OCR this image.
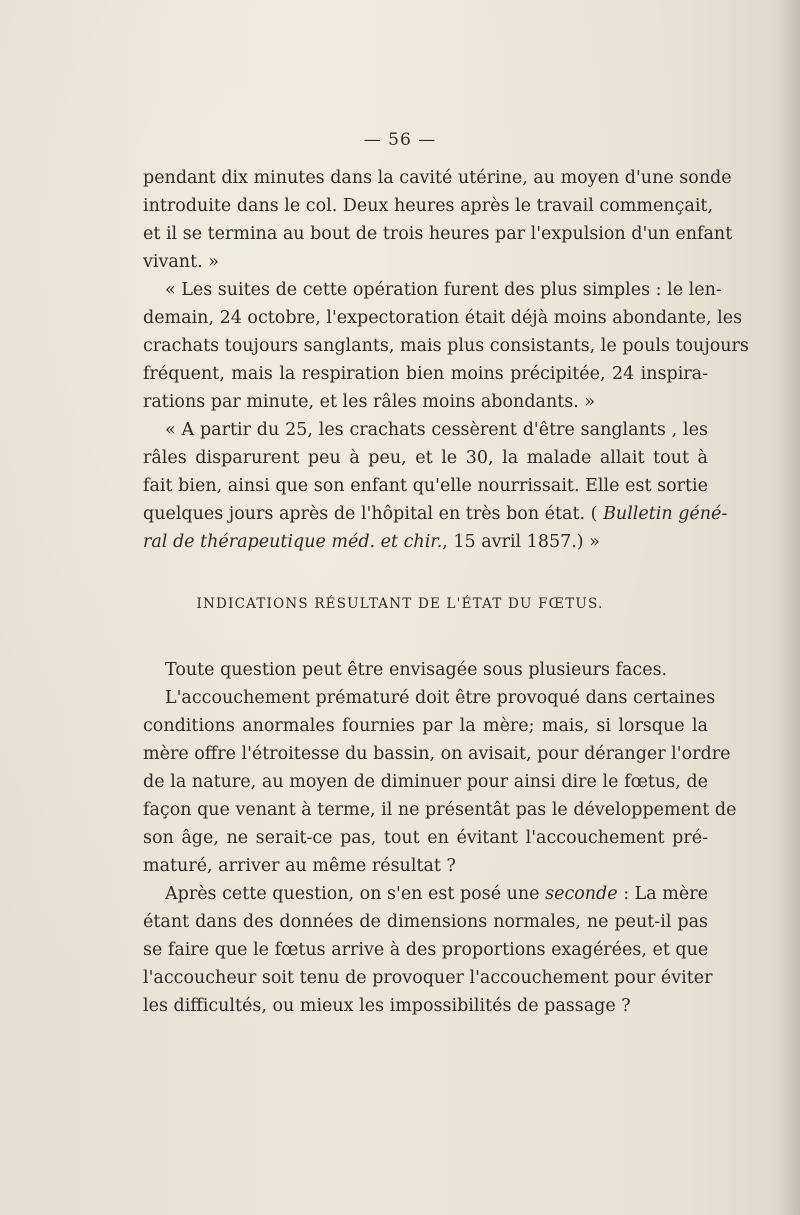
— 56 —
pendant dix minutes dans la cavité utérine, au moyen d'une sonde
introduite dans le col. Deux heures après le travail commençait,
et il se termina au bout de trois heures par l'expulsion d'un enfant
vivant. »
« Les suites de cette opération furent des plus simples : le len-
demain, 24 octobre, l'expectoration était déjà moins abondante, les
crachats toujours sanglants, mais plus consistants, le pouls toujours
fréquent, mais la respiration bien moins précipitée, 24 inspira-
rations par minute, et les râles moins abondants. »
« A partir du 25, les crachats cessèrent d'être sanglants , les
râles disparurent peu à peu, et le 30, la malade allait tout à
fait bien, ainsi que son enfant qu'elle nourrissait. Elle est sortie
quelques jours après de l'hôpital en très bon état. ( Bulletin géné-
ral de thérapeutique méd. et chir., 15 avril 1857.) »
INDICATIONS RÉSULTANT DE L'ÉTAT DU FŒTUS.
Toute question peut être envisagée sous plusieurs faces.
L'accouchement prématuré doit être provoqué dans certaines
conditions anormales fournies par la mère; mais, si lorsque la
mère offre l'étroitesse du bassin, on avisait, pour déranger l'ordre
de la nature, au moyen de diminuer pour ainsi dire le fœtus, de
façon que venant à terme, il ne présentât pas le développement de
son âge, ne serait-ce pas, tout en évitant l'accouchement pré-
maturé, arriver au même résultat ?
Après cette question, on s'en est posé une seconde : La mère
étant dans des données de dimensions normales, ne peut-il pas
se faire que le fœtus arrive à des proportions exagérées, et que
l'accoucheur soit tenu de provoquer l'accouchement pour éviter
les difficultés, ou mieux les impossibilités de passage ?
